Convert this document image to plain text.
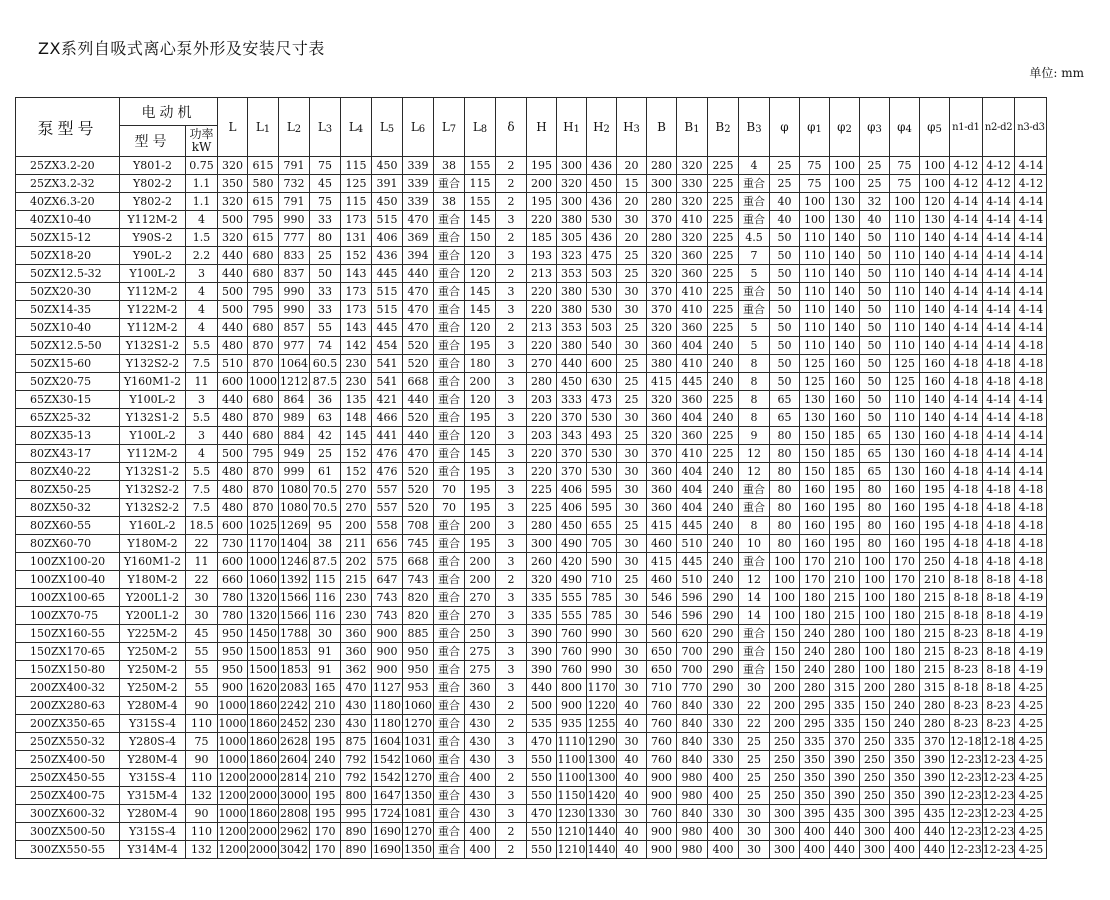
ZX系列自吸式离心泵外形及安装尺寸表
单位: mm
泵型号	电动机		L	L1	L2	L3	L4	L5	L6	L7	L8	δ	H	H1	H2	H3	B	B1	B2	B3	φ	φ1	φ2	φ3	φ4	φ5	n1-d1	n2-d2	n3-d3
	型号	功率
kW																											
25ZX3.2-20	Y801-2	0.75	320	615	791	75	115	450	339	38	155	2	195	300	436	20	280	320	225	4	25	75	100	25	75	100	4-12	4-12	4-14
25ZX3.2-32	Y802-2	1.1	350	580	732	45	125	391	339	重合	115	2	200	320	450	15	300	330	225	重合	25	75	100	25	75	100	4-12	4-12	4-12
40ZX6.3-20	Y802-2	1.1	320	615	791	75	115	450	339	38	155	2	195	300	436	20	280	320	225	重合	40	100	130	32	100	120	4-14	4-14	4-14
40ZX10-40	Y112M-2	4	500	795	990	33	173	515	470	重合	145	3	220	380	530	30	370	410	225	重合	40	100	130	40	110	130	4-14	4-14	4-14
50ZX15-12	Y90S-2	1.5	320	615	777	80	131	406	369	重合	150	2	185	305	436	20	280	320	225	4.5	50	110	140	50	110	140	4-14	4-14	4-14
50ZX18-20	Y90L-2	2.2	440	680	833	25	152	436	394	重合	120	3	193	323	475	25	320	360	225	7	50	110	140	50	110	140	4-14	4-14	4-14
50ZX12.5-32	Y100L-2	3	440	680	837	50	143	445	440	重合	120	2	213	353	503	25	320	360	225	5	50	110	140	50	110	140	4-14	4-14	4-14
50ZX20-30	Y112M-2	4	500	795	990	33	173	515	470	重合	145	3	220	380	530	30	370	410	225	重合	50	110	140	50	110	140	4-14	4-14	4-14
50ZX14-35	Y122M-2	4	500	795	990	33	173	515	470	重合	145	3	220	380	530	30	370	410	225	重合	50	110	140	50	110	140	4-14	4-14	4-14
50ZX10-40	Y112M-2	4	440	680	857	55	143	445	470	重合	120	2	213	353	503	25	320	360	225	5	50	110	140	50	110	140	4-14	4-14	4-14
50ZX12.5-50	Y132S1-2	5.5	480	870	977	74	142	454	520	重合	195	3	220	380	540	30	360	404	240	5	50	110	140	50	110	140	4-14	4-14	4-18
50ZX15-60	Y132S2-2	7.5	510	870	1064	60.5	230	541	520	重合	180	3	270	440	600	25	380	410	240	8	50	125	160	50	125	160	4-18	4-18	4-18
50ZX20-75	Y160M1-2	11	600	1000	1212	87.5	230	541	668	重合	200	3	280	450	630	25	415	445	240	8	50	125	160	50	125	160	4-18	4-18	4-18
65ZX30-15	Y100L-2	3	440	680	864	36	135	421	440	重合	120	3	203	333	473	25	320	360	225	8	65	130	160	50	110	140	4-14	4-14	4-14
65ZX25-32	Y132S1-2	5.5	480	870	989	63	148	466	520	重合	195	3	220	370	530	30	360	404	240	8	65	130	160	50	110	140	4-14	4-14	4-18
80ZX35-13	Y100L-2	3	440	680	884	42	145	441	440	重合	120	3	203	343	493	25	320	360	225	9	80	150	185	65	130	160	4-18	4-14	4-14
80ZX43-17	Y112M-2	4	500	795	949	25	152	476	470	重合	145	3	220	370	530	30	370	410	225	12	80	150	185	65	130	160	4-18	4-14	4-14
80ZX40-22	Y132S1-2	5.5	480	870	999	61	152	476	520	重合	195	3	220	370	530	30	360	404	240	12	80	150	185	65	130	160	4-18	4-14	4-14
80ZX50-25	Y132S2-2	7.5	480	870	1080	70.5	270	557	520	70	195	3	225	406	595	30	360	404	240	重合	80	160	195	80	160	195	4-18	4-18	4-18
80ZX50-32	Y132S2-2	7.5	480	870	1080	70.5	270	557	520	70	195	3	225	406	595	30	360	404	240	重合	80	160	195	80	160	195	4-18	4-18	4-18
80ZX60-55	Y160L-2	18.5	600	1025	1269	95	200	558	708	重合	200	3	280	450	655	25	415	445	240	8	80	160	195	80	160	195	4-18	4-18	4-18
80ZX60-70	Y180M-2	22	730	1170	1404	38	211	656	745	重合	195	3	300	490	705	30	460	510	240	10	80	160	195	80	160	195	4-18	4-18	4-18
100ZX100-20	Y160M1-2	11	600	1000	1246	87.5	202	575	668	重合	200	3	260	420	590	30	415	445	240	重合	100	170	210	100	170	250	4-18	4-18	4-18
100ZX100-40	Y180M-2	22	660	1060	1392	115	215	647	743	重合	200	2	320	490	710	25	460	510	240	12	100	170	210	100	170	210	8-18	8-18	4-18
100ZX100-65	Y200L1-2	30	780	1320	1566	116	230	743	820	重合	270	3	335	555	785	30	546	596	290	14	100	180	215	100	180	215	8-18	8-18	4-19
100ZX70-75	Y200L1-2	30	780	1320	1566	116	230	743	820	重合	270	3	335	555	785	30	546	596	290	14	100	180	215	100	180	215	8-18	8-18	4-19
150ZX160-55	Y225M-2	45	950	1450	1788	30	360	900	885	重合	250	3	390	760	990	30	560	620	290	重合	150	240	280	100	180	215	8-23	8-18	4-19
150ZX170-65	Y250M-2	55	950	1500	1853	91	360	900	950	重合	275	3	390	760	990	30	650	700	290	重合	150	240	280	100	180	215	8-23	8-18	4-19
150ZX150-80	Y250M-2	55	950	1500	1853	91	362	900	950	重合	275	3	390	760	990	30	650	700	290	重合	150	240	280	100	180	215	8-23	8-18	4-19
200ZX400-32	Y250M-2	55	900	1620	2083	165	470	1127	953	重合	360	3	440	800	1170	30	710	770	290	30	200	280	315	200	280	315	8-18	8-18	4-25
200ZX280-63	Y280M-4	90	1000	1860	2242	210	430	1180	1060	重合	430	2	500	900	1220	40	760	840	330	22	200	295	335	150	240	280	8-23	8-23	4-25
200ZX350-65	Y315S-4	110	1000	1860	2452	230	430	1180	1270	重合	430	2	535	935	1255	40	760	840	330	22	200	295	335	150	240	280	8-23	8-23	4-25
250ZX550-32	Y280S-4	75	1000	1860	2628	195	875	1604	1031	重合	430	3	470	1110	1290	30	760	840	330	25	250	335	370	250	335	370	12-18	12-18	4-25
250ZX400-50	Y280M-4	90	1000	1860	2604	240	792	1542	1060	重合	430	3	550	1100	1300	40	760	840	330	25	250	350	390	250	350	390	12-23	12-23	4-25
250ZX450-55	Y315S-4	110	1200	2000	2814	210	792	1542	1270	重合	400	2	550	1100	1300	40	900	980	400	25	250	350	390	250	350	390	12-23	12-23	4-25
250ZX400-75	Y315M-4	132	1200	2000	3000	195	800	1647	1350	重合	430	3	550	1150	1420	40	900	980	400	25	250	350	390	250	350	390	12-23	12-23	4-25
300ZX600-32	Y280M-4	90	1000	1860	2808	195	995	1724	1081	重合	430	3	470	1230	1330	30	760	840	330	30	300	395	435	300	395	435	12-23	12-23	4-25
300ZX500-50	Y315S-4	110	1200	2000	2962	170	890	1690	1270	重合	400	2	550	1210	1440	40	900	980	400	30	300	400	440	300	400	440	12-23	12-23	4-25
300ZX550-55	Y314M-4	132	1200	2000	3042	170	890	1690	1350	重合	400	2	550	1210	1440	40	900	980	400	30	300	400	440	300	400	440	12-23	12-23	4-25
